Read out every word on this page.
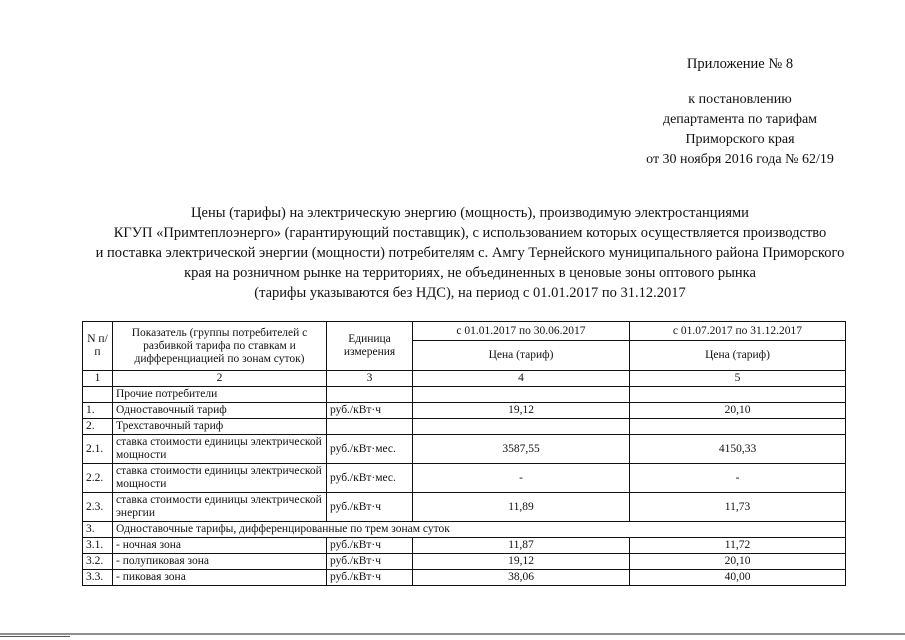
Приложение № 8
к постановлению
департамента по тарифам
Приморского края
от 30 ноября 2016 года № 62/19
Цены (тарифы) на электрическую энергию (мощность), производимую электростанциями
КГУП «Примтеплоэнерго» (гарантирующий поставщик), с использованием которых осуществляется производство
и поставка электрической энергии (мощности) потребителям с. Амгу Тернейского муниципального района Приморского
края на розничном рынке на территориях, не объединенных в ценовые зоны оптового рынка
(тарифы указываются без НДС), на период с 01.01.2017 по 31.12.2017
N п/п	Показатель (группы потребителей с разбивкой тарифа по ставкам и дифференциацией по зонам суток)	Единица измерения	с 01.01.2017 по 30.06.2017	с 01.07.2017 по 31.12.2017
			Цена (тариф)	Цена (тариф)
1	2	3	4	5
	Прочие потребители			
1.	Одноставочный тариф	руб./кВт·ч	19,12	20,10
2.	Трехставочный тариф			
2.1.	ставка стоимости единицы электрической мощности	руб./кВт·мес.	3587,55	4150,33
2.2.	ставка стоимости единицы электрической мощности	руб./кВт·мес.	-	-
2.3.	ставка стоимости единицы электрической энергии	руб./кВт·ч	11,89	11,73
3.	Одноставочные тарифы, дифференцированные по трем зонам суток			
3.1.	- ночная зона	руб./кВт·ч	11,87	11,72
3.2.	- полупиковая зона	руб./кВт·ч	19,12	20,10
3.3.	- пиковая зона	руб./кВт·ч	38,06	40,00
